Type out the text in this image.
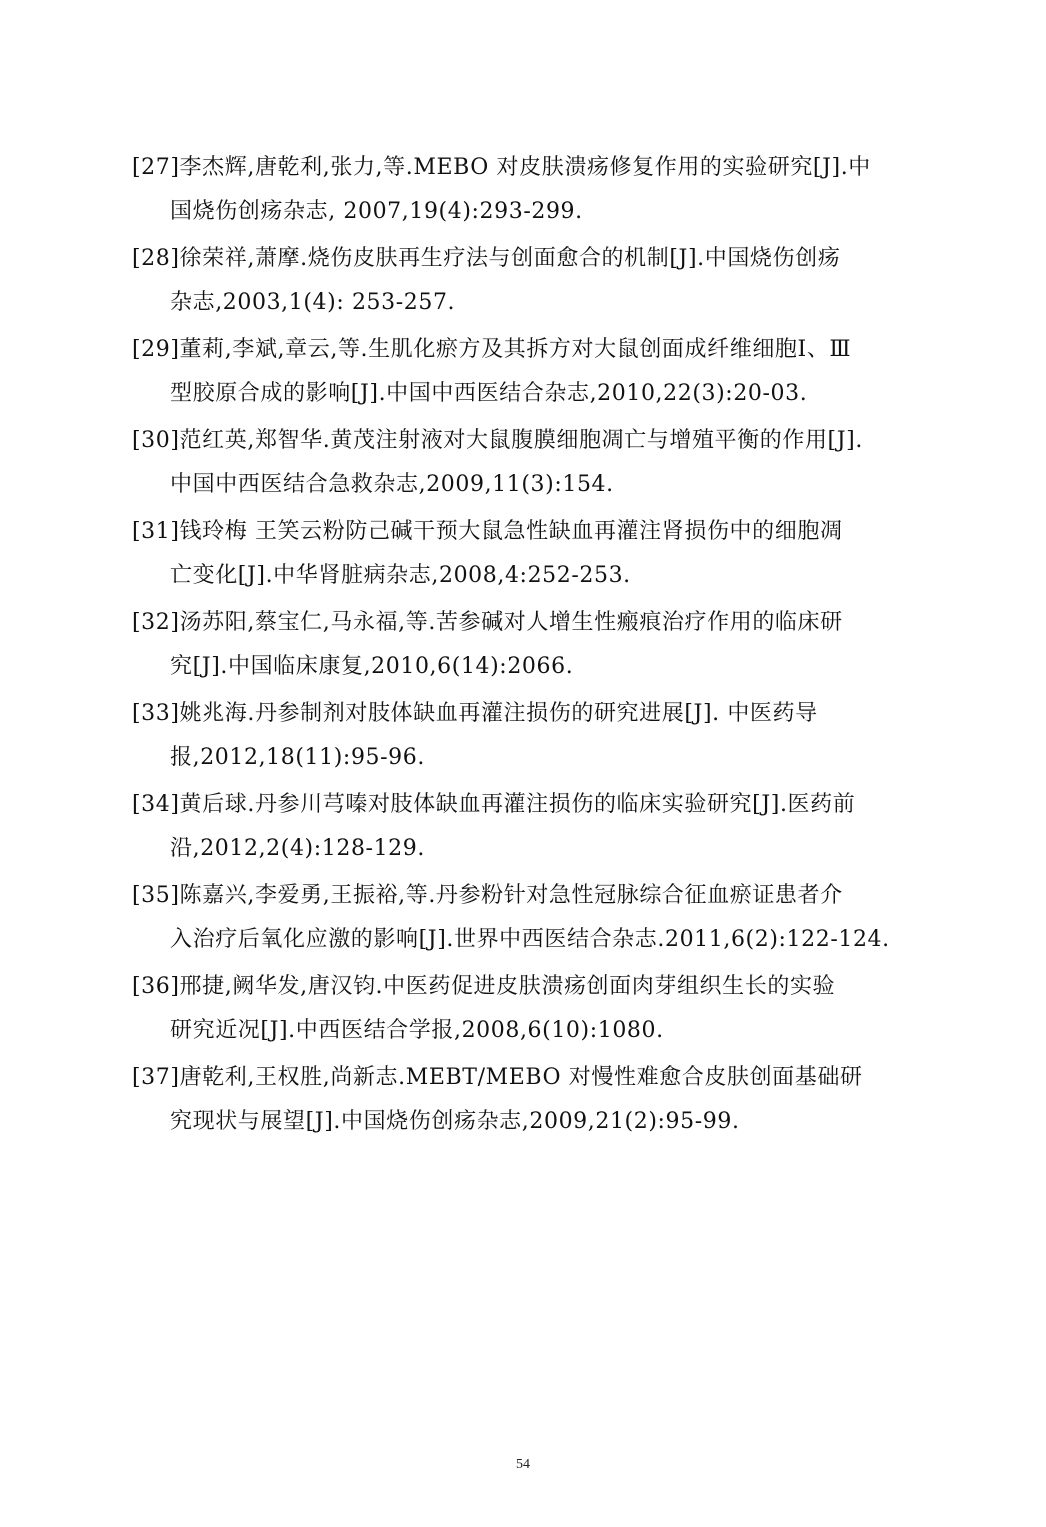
[27]李杰辉,唐乾利,张力,等.MEBO 对皮肤溃疡修复作用的实验研究[J].中
国烧伤创疡杂志, 2007,19(4):293-299.
[28]徐荣祥,萧摩.烧伤皮肤再生疗法与创面愈合的机制[J].中国烧伤创疡
杂志,2003,1(4): 253-257.
[29]董莉,李斌,章云,等.生肌化瘀方及其拆方对大鼠创面成纤维细胞Ⅰ、Ⅲ
型胶原合成的影响[J].中国中西医结合杂志,2010,22(3):20-03.
[30]范红英,郑智华.黄茂注射液对大鼠腹膜细胞凋亡与增殖平衡的作用[J].
中国中西医结合急救杂志,2009,11(3):154.
[31]钱玲梅 王笑云粉防己碱干预大鼠急性缺血再灌注肾损伤中的细胞凋
亡变化[J].中华肾脏病杂志,2008,4:252-253.
[32]汤苏阳,蔡宝仁,马永福,等.苦参碱对人增生性瘢痕治疗作用的临床研
究[J].中国临床康复,2010,6(14):2066.
[33]姚兆海.丹参制剂对肢体缺血再灌注损伤的研究进展[J]. 中医药导
报,2012,18(11):95-96.
[34]黄后球.丹参川芎嗪对肢体缺血再灌注损伤的临床实验研究[J].医药前
沿,2012,2(4):128-129.
[35]陈嘉兴,李爱勇,王振裕,等.丹参粉针对急性冠脉综合征血瘀证患者介
入治疗后氧化应激的影响[J].世界中西医结合杂志.2011,6(2):122-124.
[36]邢捷,阙华发,唐汉钧.中医药促进皮肤溃疡创面肉芽组织生长的实验
研究近况[J].中西医结合学报,2008,6(10):1080.
[37]唐乾利,王权胜,尚新志.MEBT/MEBO 对慢性难愈合皮肤创面基础研
究现状与展望[J].中国烧伤创疡杂志,2009,21(2):95-99.
54
